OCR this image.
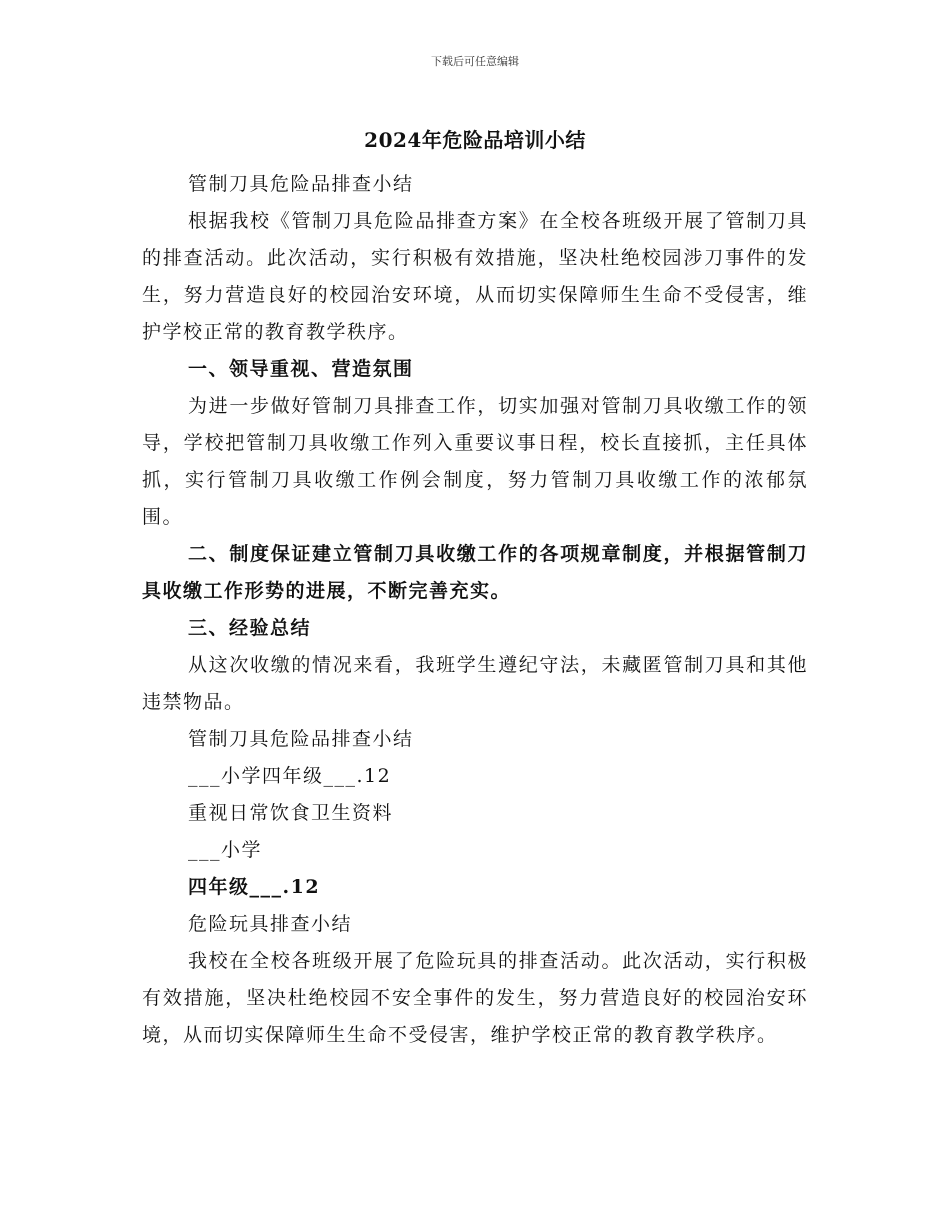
下载后可任意编辑
2024年危险品培训小结

管制刀具危险品排查小结

根据我校《管制刀具危险品排查方案》在全校各班级开展了管制刀具的排查活动。此次活动，实行积极有效措施，坚决杜绝校园涉刀事件的发生，努力营造良好的校园治安环境，从而切实保障师生生命不受侵害，维护学校正常的教育教学秩序。

一、领导重视、营造氛围

为进一步做好管制刀具排查工作，切实加强对管制刀具收缴工作的领导，学校把管制刀具收缴工作列入重要议事日程，校长直接抓，主任具体抓，实行管制刀具收缴工作例会制度，努力管制刀具收缴工作的浓郁氛围。

二、制度保证建立管制刀具收缴工作的各项规章制度，并根据管制刀具收缴工作形势的进展，不断完善充实。

三、经验总结

从这次收缴的情况来看，我班学生遵纪守法，未藏匿管制刀具和其他违禁物品。

管制刀具危险品排查小结

___小学四年级___.12

重视日常饮食卫生资料

___小学

四年级___.12

危险玩具排查小结

我校在全校各班级开展了危险玩具的排查活动。此次活动，实行积极有效措施，坚决杜绝校园不安全事件的发生，努力营造良好的校园治安环境，从而切实保障师生生命不受侵害，维护学校正常的教育教学秩序。
